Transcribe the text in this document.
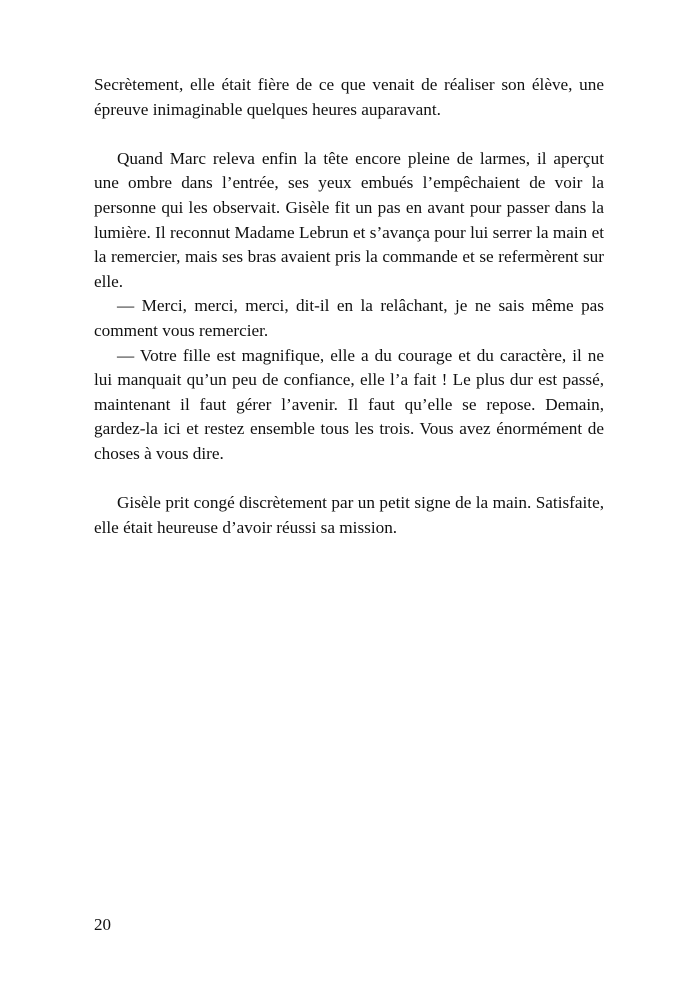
Secrètement, elle était fière de ce que venait de réaliser son élève, une épreuve inimaginable quelques heures auparavant.

Quand Marc releva enfin la tête encore pleine de larmes, il aperçut une ombre dans l’entrée, ses yeux embués l’empêchaient de voir la personne qui les observait. Gisèle fit un pas en avant pour passer dans la lumière. Il reconnut Madame Lebrun et s’avança pour lui serrer la main et la remercier, mais ses bras avaient pris la commande et se refermèrent sur elle.

— Merci, merci, merci, dit-il en la relâchant, je ne sais même pas comment vous remercier.

— Votre fille est magnifique, elle a du courage et du caractère, il ne lui manquait qu’un peu de confiance, elle l’a fait ! Le plus dur est passé, maintenant il faut gérer l’avenir. Il faut qu’elle se repose. Demain, gardez-la ici et restez ensemble tous les trois. Vous avez énormément de choses à vous dire.

Gisèle prit congé discrètement par un petit signe de la main. Satisfaite, elle était heureuse d’avoir réussi sa mission.

20
